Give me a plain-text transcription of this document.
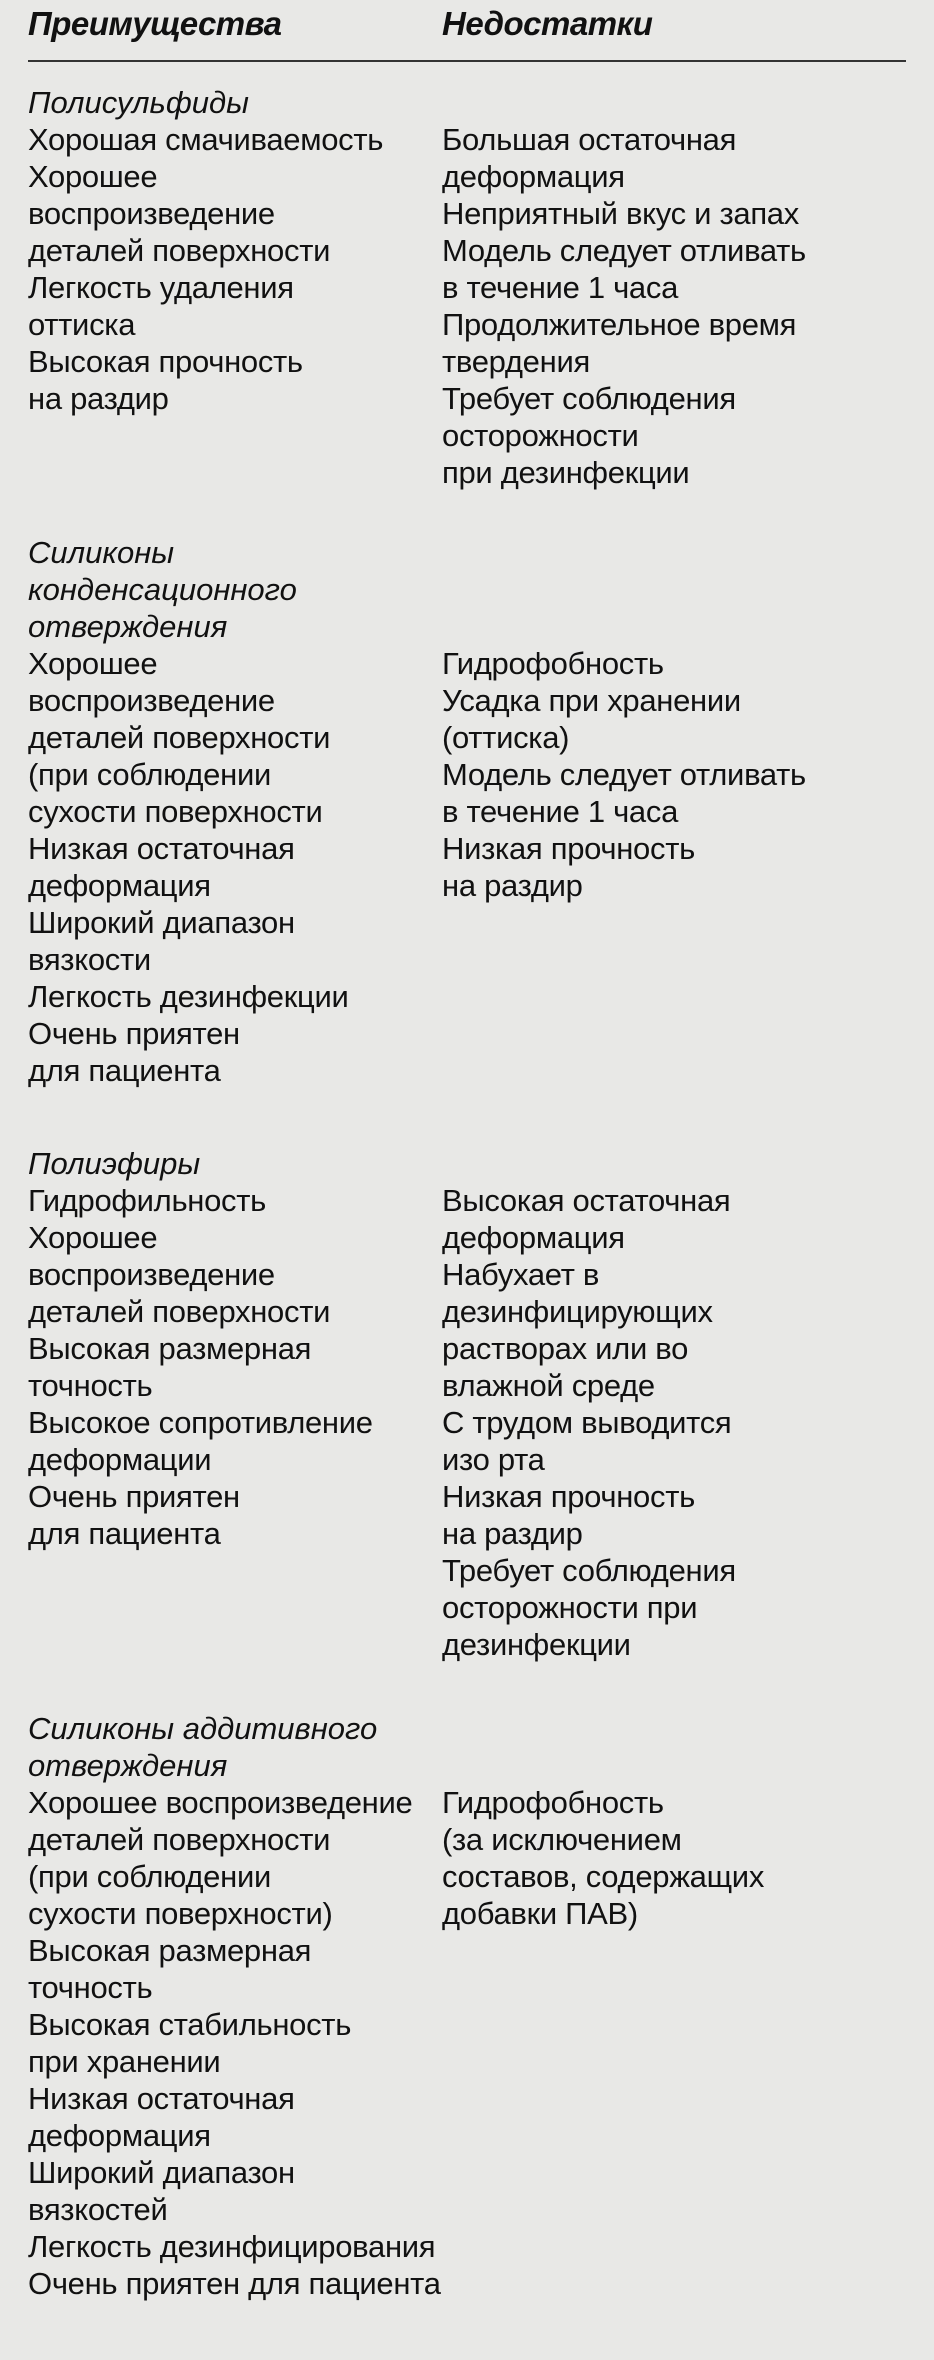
Преимущества	Недостатки
Полисульфиды
Хорошая смачиваемость
Хорошее
воспроизведение
деталей поверхности
Легкость удаления
оттиска
Высокая прочность
на раздир
Большая остаточная
деформация
Неприятный вкус и запах
Модель следует отливать
в течение 1 часа
Продолжительное время
твердения
Требует соблюдения
осторожности
при дезинфекции
Силиконы
конденсационного
отверждения
Хорошее
воспроизведение
деталей поверхности
(при соблюдении
сухости поверхности
Низкая остаточная
деформация
Широкий диапазон
вязкости
Легкость дезинфекции
Очень приятен
для пациента
Гидрофобность
Усадка при хранении
(оттиска)
Модель следует отливать
в течение 1 часа
Низкая прочность
на раздир
Полиэфиры
Гидрофильность
Хорошее
воспроизведение
деталей поверхности
Высокая размерная
точность
Высокое сопротивление
деформации
Очень приятен
для пациента
Высокая остаточная
деформация
Набухает в
дезинфицирующих
растворах или во
влажной среде
С трудом выводится
изо рта
Низкая прочность
на раздир
Требует соблюдения
осторожности при
дезинфекции
Силиконы аддитивного
отверждения
Хорошее воспроизведение
деталей поверхности
(при соблюдении
сухости поверхности)
Высокая размерная
точность
Высокая стабильность
при хранении
Низкая остаточная
деформация
Широкий диапазон
вязкостей
Легкость дезинфицирования
Очень приятен для пациента
Гидрофобность
(за исключением
составов, содержащих
добавки ПАВ)
